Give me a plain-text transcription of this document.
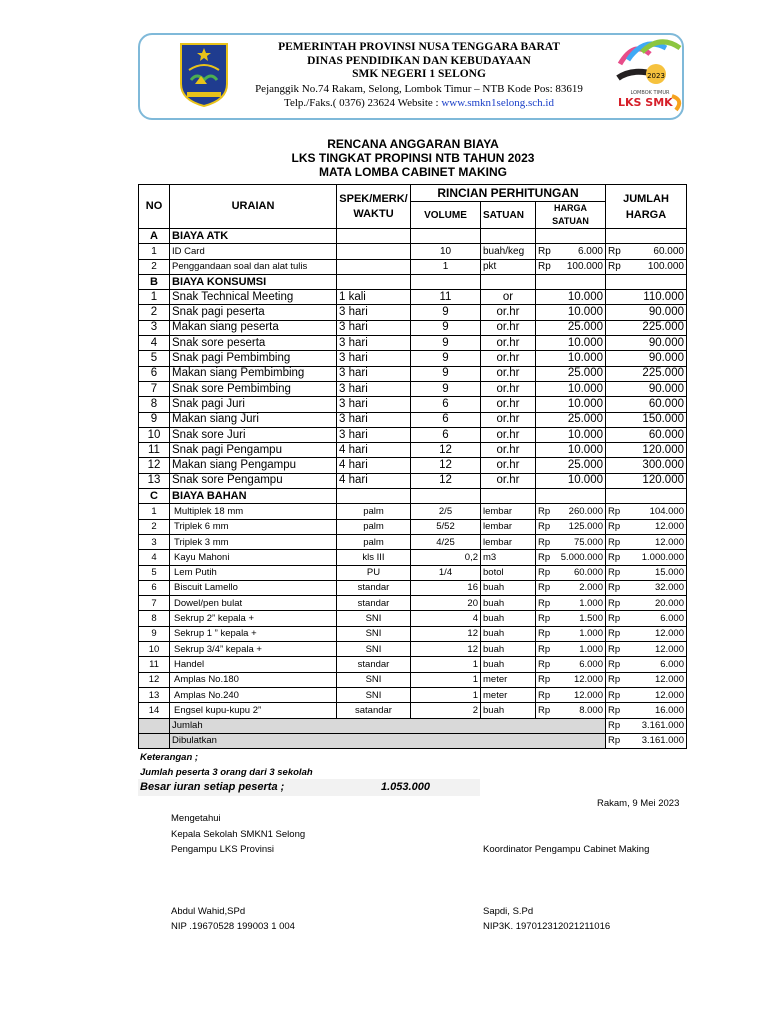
PEMERINTAH PROVINSI NUSA TENGGARA BARAT
DINAS PENDIDIKAN DAN KEBUDAYAAN
SMK NEGERI 1 SELONG
Pejanggik No.74 Rakam, Selong, Lombok Timur – NTB Kode Pos: 83619
Telp./Faks.( 0376) 23624 Website : www.smkn1selong.sch.id
2023
LOMBOK TIMUR
LKS SMK
RENCANA ANGGARAN BIAYA
LKS TINGKAT PROPINSI NTB TAHUN 2023
MATA LOMBA CABINET MAKING
NO	URAIAN	SPEK/MERK/ WAKTU	RINCIAN PERHITUNGAN			JUMLAH HARGA
			VOLUME	SATUAN	HARGA SATUAN	
A	BIAYA ATK					
1	ID Card		10	buah/keg	Rp 6.000	Rp 60.000

2	Penggandaan soal dan alat tulis		1	pkt	Rp 100.000	Rp 100.000

B	BIAYA KONSUMSI					
1	Snak Technical Meeting	1 kali	11	or	10.000	110.000
2	Snak pagi peserta	3 hari	9	or.hr	10.000	90.000
3	Makan siang peserta	3 hari	9	or.hr	25.000	225.000
4	Snak sore peserta	3 hari	9	or.hr	10.000	90.000
5	Snak pagi Pembimbing	3 hari	9	or.hr	10.000	90.000
6	Makan siang Pembimbing	3 hari	9	or.hr	25.000	225.000
7	Snak sore Pembimbing	3 hari	9	or.hr	10.000	90.000
8	Snak pagi Juri	3 hari	6	or.hr	10.000	60.000
9	Makan siang Juri	3 hari	6	or.hr	25.000	150.000
10	Snak sore Juri	3 hari	6	or.hr	10.000	60.000
11	Snak pagi Pengampu	4 hari	12	or.hr	10.000	120.000
12	Makan siang Pengampu	4 hari	12	or.hr	25.000	300.000
13	Snak sore Pengampu	4 hari	12	or.hr	10.000	120.000
C	BIAYA BAHAN					
1	Multiplek 18 mm	palm	2/5	lembar	Rp 260.000	Rp 104.000

2	Triplek 6 mm	palm	5/52	lembar	Rp 125.000	Rp 12.000

3	Triplek 3 mm	palm	4/25	lembar	Rp 75.000	Rp 12.000

4	Kayu Mahoni	kls III	0,2	m3	Rp 5.000.000	Rp 1.000.000

5	Lem Putih	PU	1/4	botol	Rp 60.000	Rp 15.000

6	Biscuit Lamello	standar	16	buah	Rp 2.000	Rp 32.000

7	Dowel/pen bulat	standar	20	buah	Rp 1.000	Rp 20.000

8	Sekrup 2” kepala +	SNI	4	buah	Rp 1.500	Rp 6.000

9	Sekrup 1 ” kepala +	SNI	12	buah	Rp 1.000	Rp 12.000

10	Sekrup 3/4” kepala +	SNI	12	buah	Rp 1.000	Rp 12.000

11	Handel	standar	1	buah	Rp 6.000	Rp 6.000

12	Amplas No.180	SNI	1	meter	Rp 12.000	Rp 12.000

13	Amplas No.240	SNI	1	meter	Rp 12.000	Rp 12.000

14	Engsel kupu-kupu 2”	satandar	2	buah	Rp 8.000	Rp 16.000

	Jumlah					Rp 3.161.000

	Dibulatkan					Rp 3.161.000
Keterangan ;
Jumlah peserta 3 orang dari 3 sekolah
Besar iuran setiap peserta ;	1.053.000
Rakam, 9 Mei 2023
Mengetahui
Kepala Sekolah SMKN1 Selong
Pengampu LKS Provinsi	Koordinator Pengampu Cabinet Making
Abdul Wahid,SPd
NIP .19670528 199003 1 004
Sapdi, S.Pd
NIP3K. 197012312021211016
